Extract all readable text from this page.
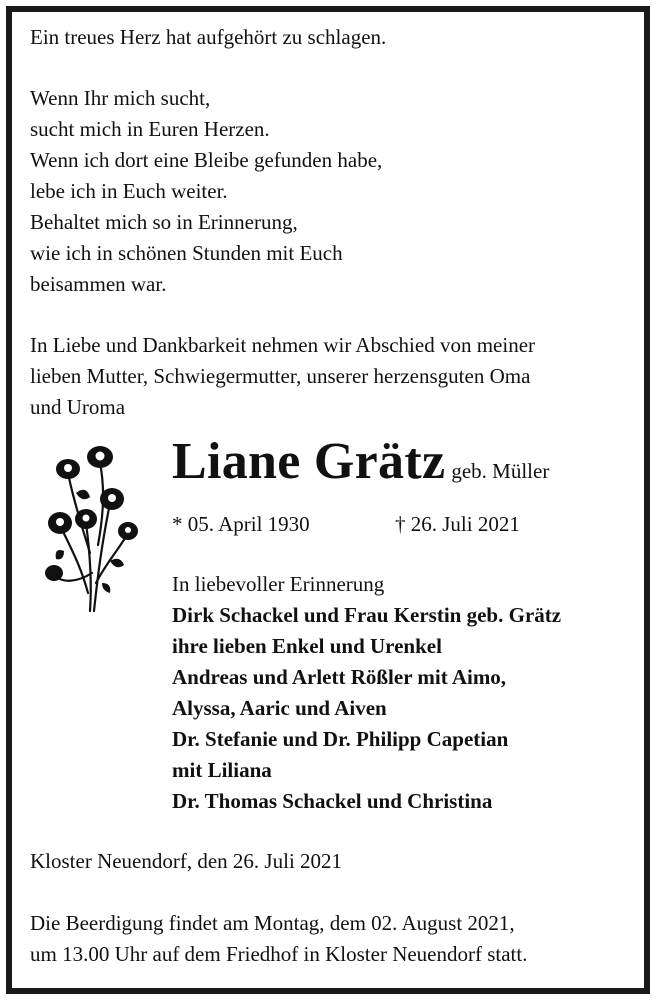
Ein treues Herz hat aufgehört zu schlagen.

Wenn Ihr mich sucht,

sucht mich in Euren Herzen.

Wenn ich dort eine Bleibe gefunden habe,

lebe ich in Euch weiter.

Behaltet mich so in Erinnerung,

wie ich in schönen Stunden mit Euch

beisammen war.

In Liebe und Dankbarkeit nehmen wir Abschied von meiner

lieben Mutter, Schwiegermutter, unserer herzensguten Oma

und Uroma

Liane Grätz geb. Müller
* 05. April 1930	† 26. Juli 2021

In liebevoller Erinnerung

Dirk Schackel und Frau Kerstin geb. Grätz

ihre lieben Enkel und Urenkel

Andreas und Arlett Rößler mit Aimo,

Alyssa, Aaric und Aiven

Dr. Stefanie und Dr. Philipp Capetian

mit Liliana

Dr. Thomas Schackel und Christina

Kloster Neuendorf, den 26. Juli 2021

Die Beerdigung findet am Montag, dem 02. August 2021,

um 13.00 Uhr auf dem Friedhof in Kloster Neuendorf statt.
